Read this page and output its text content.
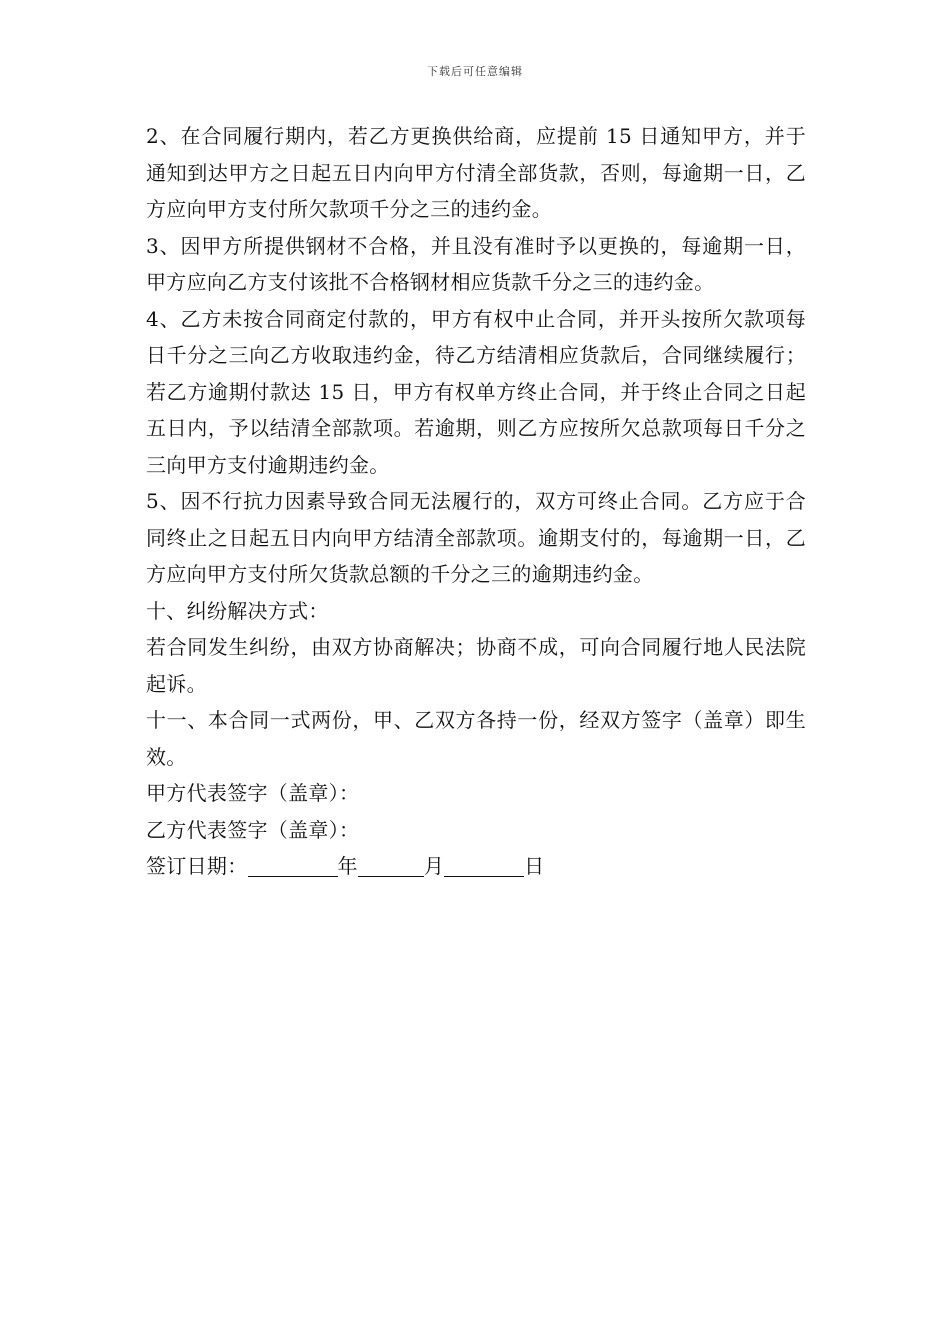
下载后可任意编辑

2、在合同履行期内，若乙方更换供给商，应提前 15 日通知甲方，并于通知到达甲方之日起五日内向甲方付清全部货款，否则，每逾期一日，乙方应向甲方支付所欠款项千分之三的违约金。

3、因甲方所提供钢材不合格，并且没有准时予以更换的，每逾期一日，甲方应向乙方支付该批不合格钢材相应货款千分之三的违约金。

4、乙方未按合同商定付款的，甲方有权中止合同，并开头按所欠款项每日千分之三向乙方收取违约金，待乙方结清相应货款后，合同继续履行；若乙方逾期付款达 15 日，甲方有权单方终止合同，并于终止合同之日起五日内，予以结清全部款项。若逾期，则乙方应按所欠总款项每日千分之三向甲方支付逾期违约金。

5、因不行抗力因素导致合同无法履行的，双方可终止合同。乙方应于合同终止之日起五日内向甲方结清全部款项。逾期支付的，每逾期一日，乙方应向甲方支付所欠货款总额的千分之三的逾期违约金。

十、纠纷解决方式：

若合同发生纠纷，由双方协商解决；协商不成，可向合同履行地人民法院起诉。

十一、本合同一式两份，甲、乙双方各持一份，经双方签字（盖章）即生效。

甲方代表签字（盖章）：

乙方代表签字（盖章）：

签订日期：	年	月	日
